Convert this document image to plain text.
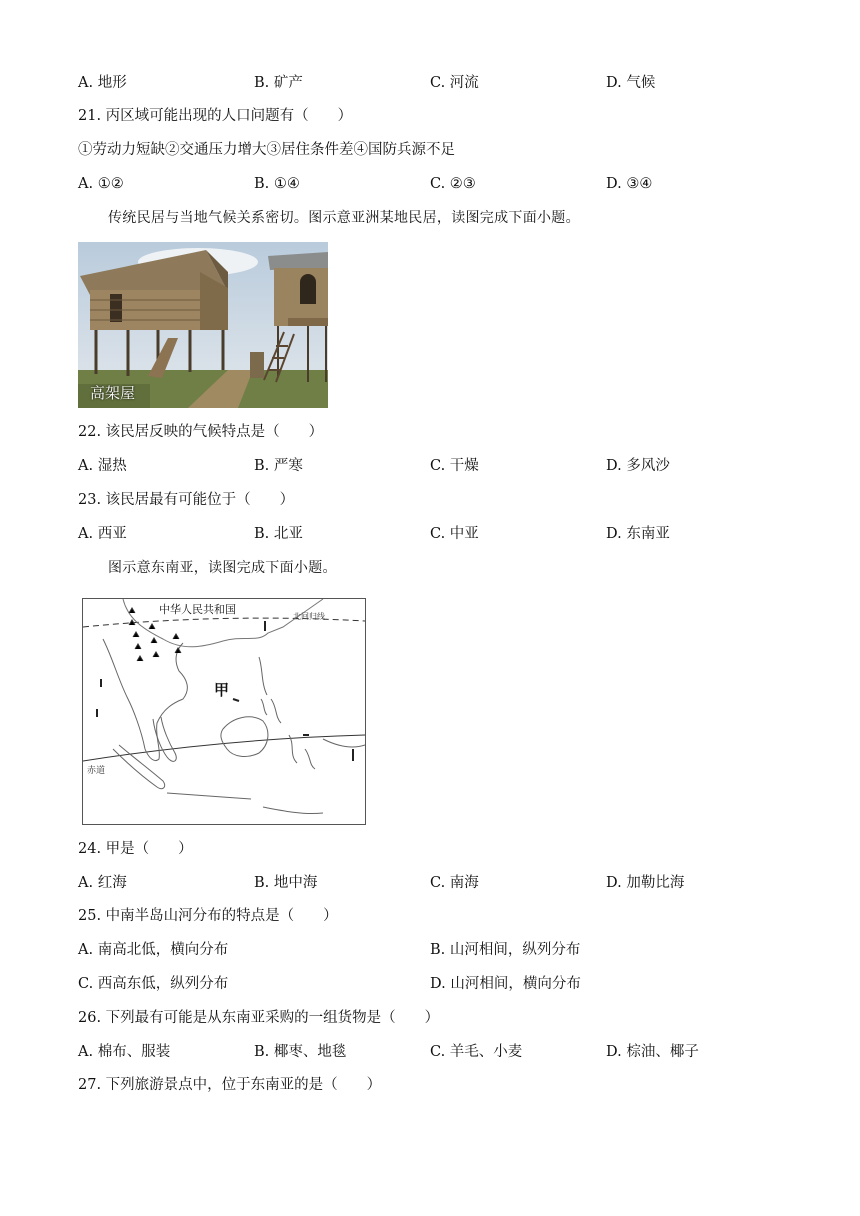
A. 地形	B. 矿产	C. 河流	D. 气候
21. 丙区域可能出现的人口问题有（　　）
①劳动力短缺②交通压力增大③居住条件差④国防兵源不足
A. ①②	B. ①④	C. ②③	D. ③④
传统民居与当地气候关系密切。图示意亚洲某地民居，读图完成下面小题。
高架屋
22. 该民居反映的气候特点是（　　）
A. 湿热	B. 严寒	C. 干燥	D. 多风沙
23. 该民居最有可能位于（　　）
A. 西亚	B. 北亚	C. 中亚	D. 东南亚
图示意东南亚，读图完成下面小题。
中华人民共和国
北回归线
赤道
甲
24. 甲是（　　）
A. 红海	B. 地中海	C. 南海	D. 加勒比海
25. 中南半岛山河分布的特点是（　　）
A. 南高北低，横向分布	B. 山河相间，纵列分布
C. 西高东低，纵列分布	D. 山河相间，横向分布
26. 下列最有可能是从东南亚采购的一组货物是（　　）
A. 棉布、服装	B. 椰枣、地毯	C. 羊毛、小麦	D. 棕油、椰子
27. 下列旅游景点中，位于东南亚的是（　　）
